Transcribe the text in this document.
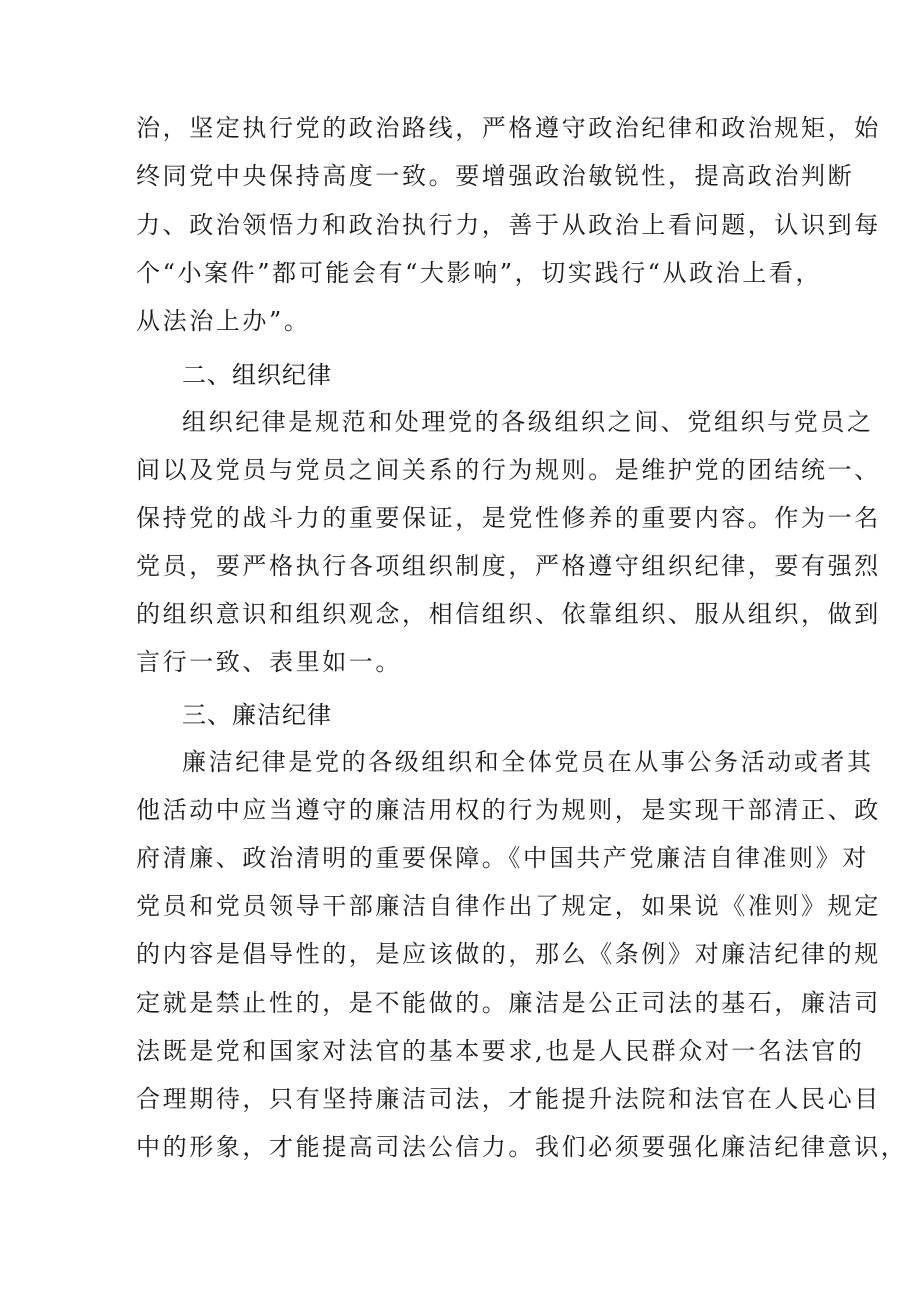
治，坚定执行党的政治路线，严格遵守政治纪律和政治规矩，始
终同党中央保持高度一致。要增强政治敏锐性，提高政治判断
力、政治领悟力和政治执行力，善于从政治上看问题，认识到每
个“小案件”都可能会有“大影响”，切实践行“从政治上看，
从法治上办”。
二、组织纪律
组织纪律是规范和处理党的各级组织之间、党组织与党员之
间以及党员与党员之间关系的行为规则。是维护党的团结统一、
保持党的战斗力的重要保证，是党性修养的重要内容。作为一名
党员，要严格执行各项组织制度，严格遵守组织纪律，要有强烈
的组织意识和组织观念，相信组织、依靠组织、服从组织，做到
言行一致、表里如一。
三、廉洁纪律
廉洁纪律是党的各级组织和全体党员在从事公务活动或者其
他活动中应当遵守的廉洁用权的行为规则，是实现干部清正、政
府清廉、政治清明的重要保障。《中国共产党廉洁自律准则》对
党员和党员领导干部廉洁自律作出了规定，如果说《准则》规定
的内容是倡导性的，是应该做的，那么《条例》对廉洁纪律的规
定就是禁止性的，是不能做的。廉洁是公正司法的基石，廉洁司
法既是党和国家对法官的基本要求,也是人民群众对一名法官的
合理期待，只有坚持廉洁司法，才能提升法院和法官在人民心目
中的形象，才能提高司法公信力。我们必须要强化廉洁纪律意识，
